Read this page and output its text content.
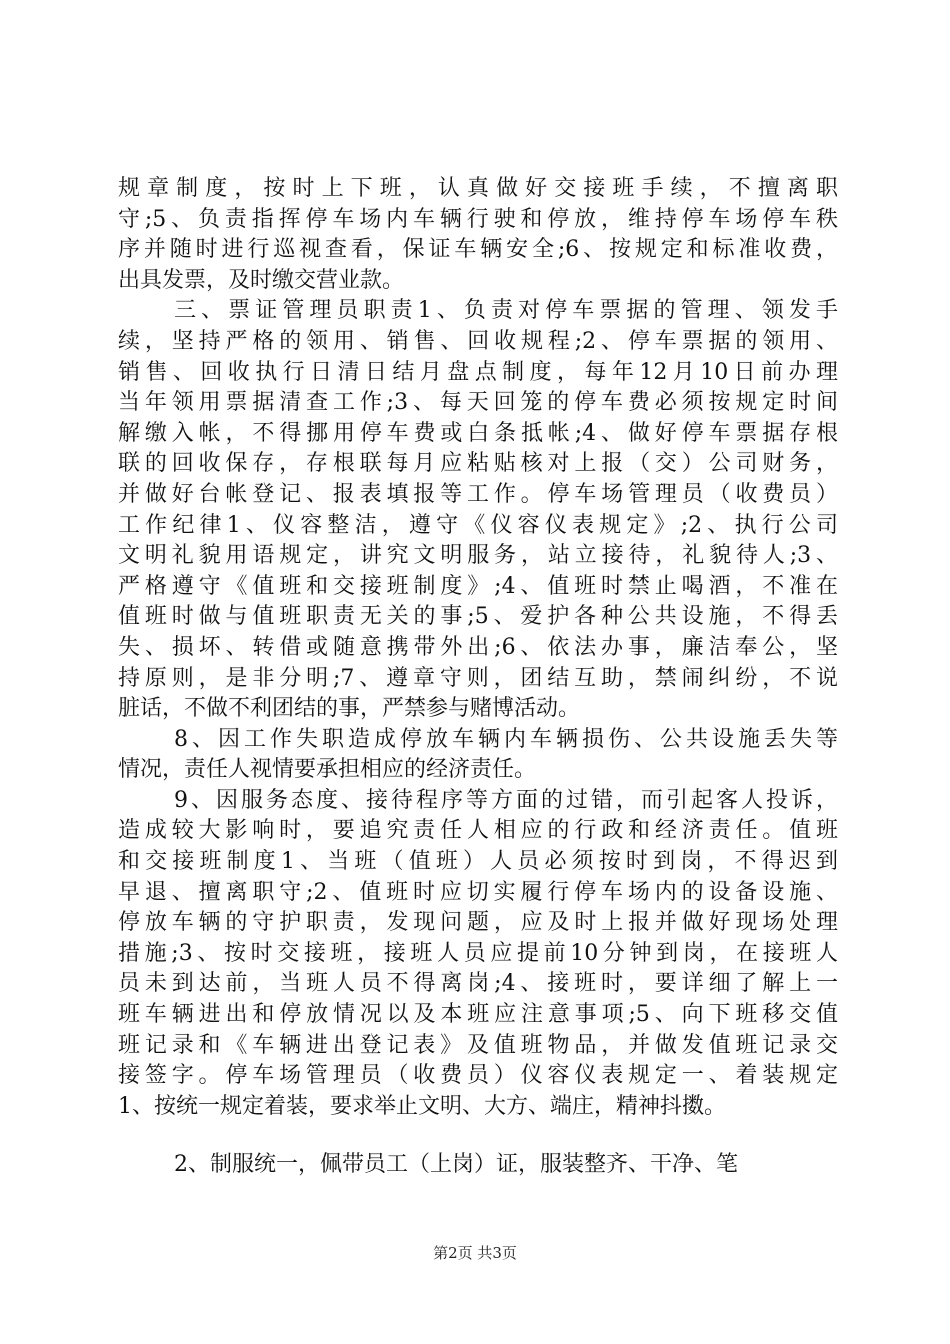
规章制度，按时上下班，认真做好交接班手续，不擅离职
守;5、负责指挥停车场内车辆行驶和停放，维持停车场停车秩
序并随时进行巡视查看，保证车辆安全;6、按规定和标准收费，
出具发票，及时缴交营业款。
三、票证管理员职责1、负责对停车票据的管理、领发手
续，坚持严格的领用、销售、回收规程;2、停车票据的领用、
销售、回收执行日清日结月盘点制度，每年12月10日前办理
当年领用票据清查工作;3、每天回笼的停车费必须按规定时间
解缴入帐，不得挪用停车费或白条抵帐;4、做好停车票据存根
联的回收保存，存根联每月应粘贴核对上报（交）公司财务，
并做好台帐登记、报表填报等工作。停车场管理员（收费员）
工作纪律1、仪容整洁，遵守《仪容仪表规定》;2、执行公司
文明礼貌用语规定，讲究文明服务，站立接待，礼貌待人;3、
严格遵守《值班和交接班制度》;4、值班时禁止喝酒，不准在
值班时做与值班职责无关的事;5、爱护各种公共设施，不得丢
失、损坏、转借或随意携带外出;6、依法办事，廉洁奉公，坚
持原则，是非分明;7、遵章守则，团结互助，禁闹纠纷，不说
脏话，不做不利团结的事，严禁参与赌博活动。
8、因工作失职造成停放车辆内车辆损伤、公共设施丢失等
情况，责任人视情要承担相应的经济责任。
9、因服务态度、接待程序等方面的过错，而引起客人投诉，
造成较大影响时，要追究责任人相应的行政和经济责任。值班
和交接班制度1、当班（值班）人员必须按时到岗，不得迟到
早退、擅离职守;2、值班时应切实履行停车场内的设备设施、
停放车辆的守护职责，发现问题，应及时上报并做好现场处理
措施;3、按时交接班，接班人员应提前10分钟到岗，在接班人
员未到达前，当班人员不得离岗;4、接班时，要详细了解上一
班车辆进出和停放情况以及本班应注意事项;5、向下班移交值
班记录和《车辆进出登记表》及值班物品，并做发值班记录交
接签字。停车场管理员（收费员）仪容仪表规定一、着装规定
1、按统一规定着装，要求举止文明、大方、端庄，精神抖擞。
2、制服统一，佩带员工（上岗）证，服装整齐、干净、笔
第2页 共3页
